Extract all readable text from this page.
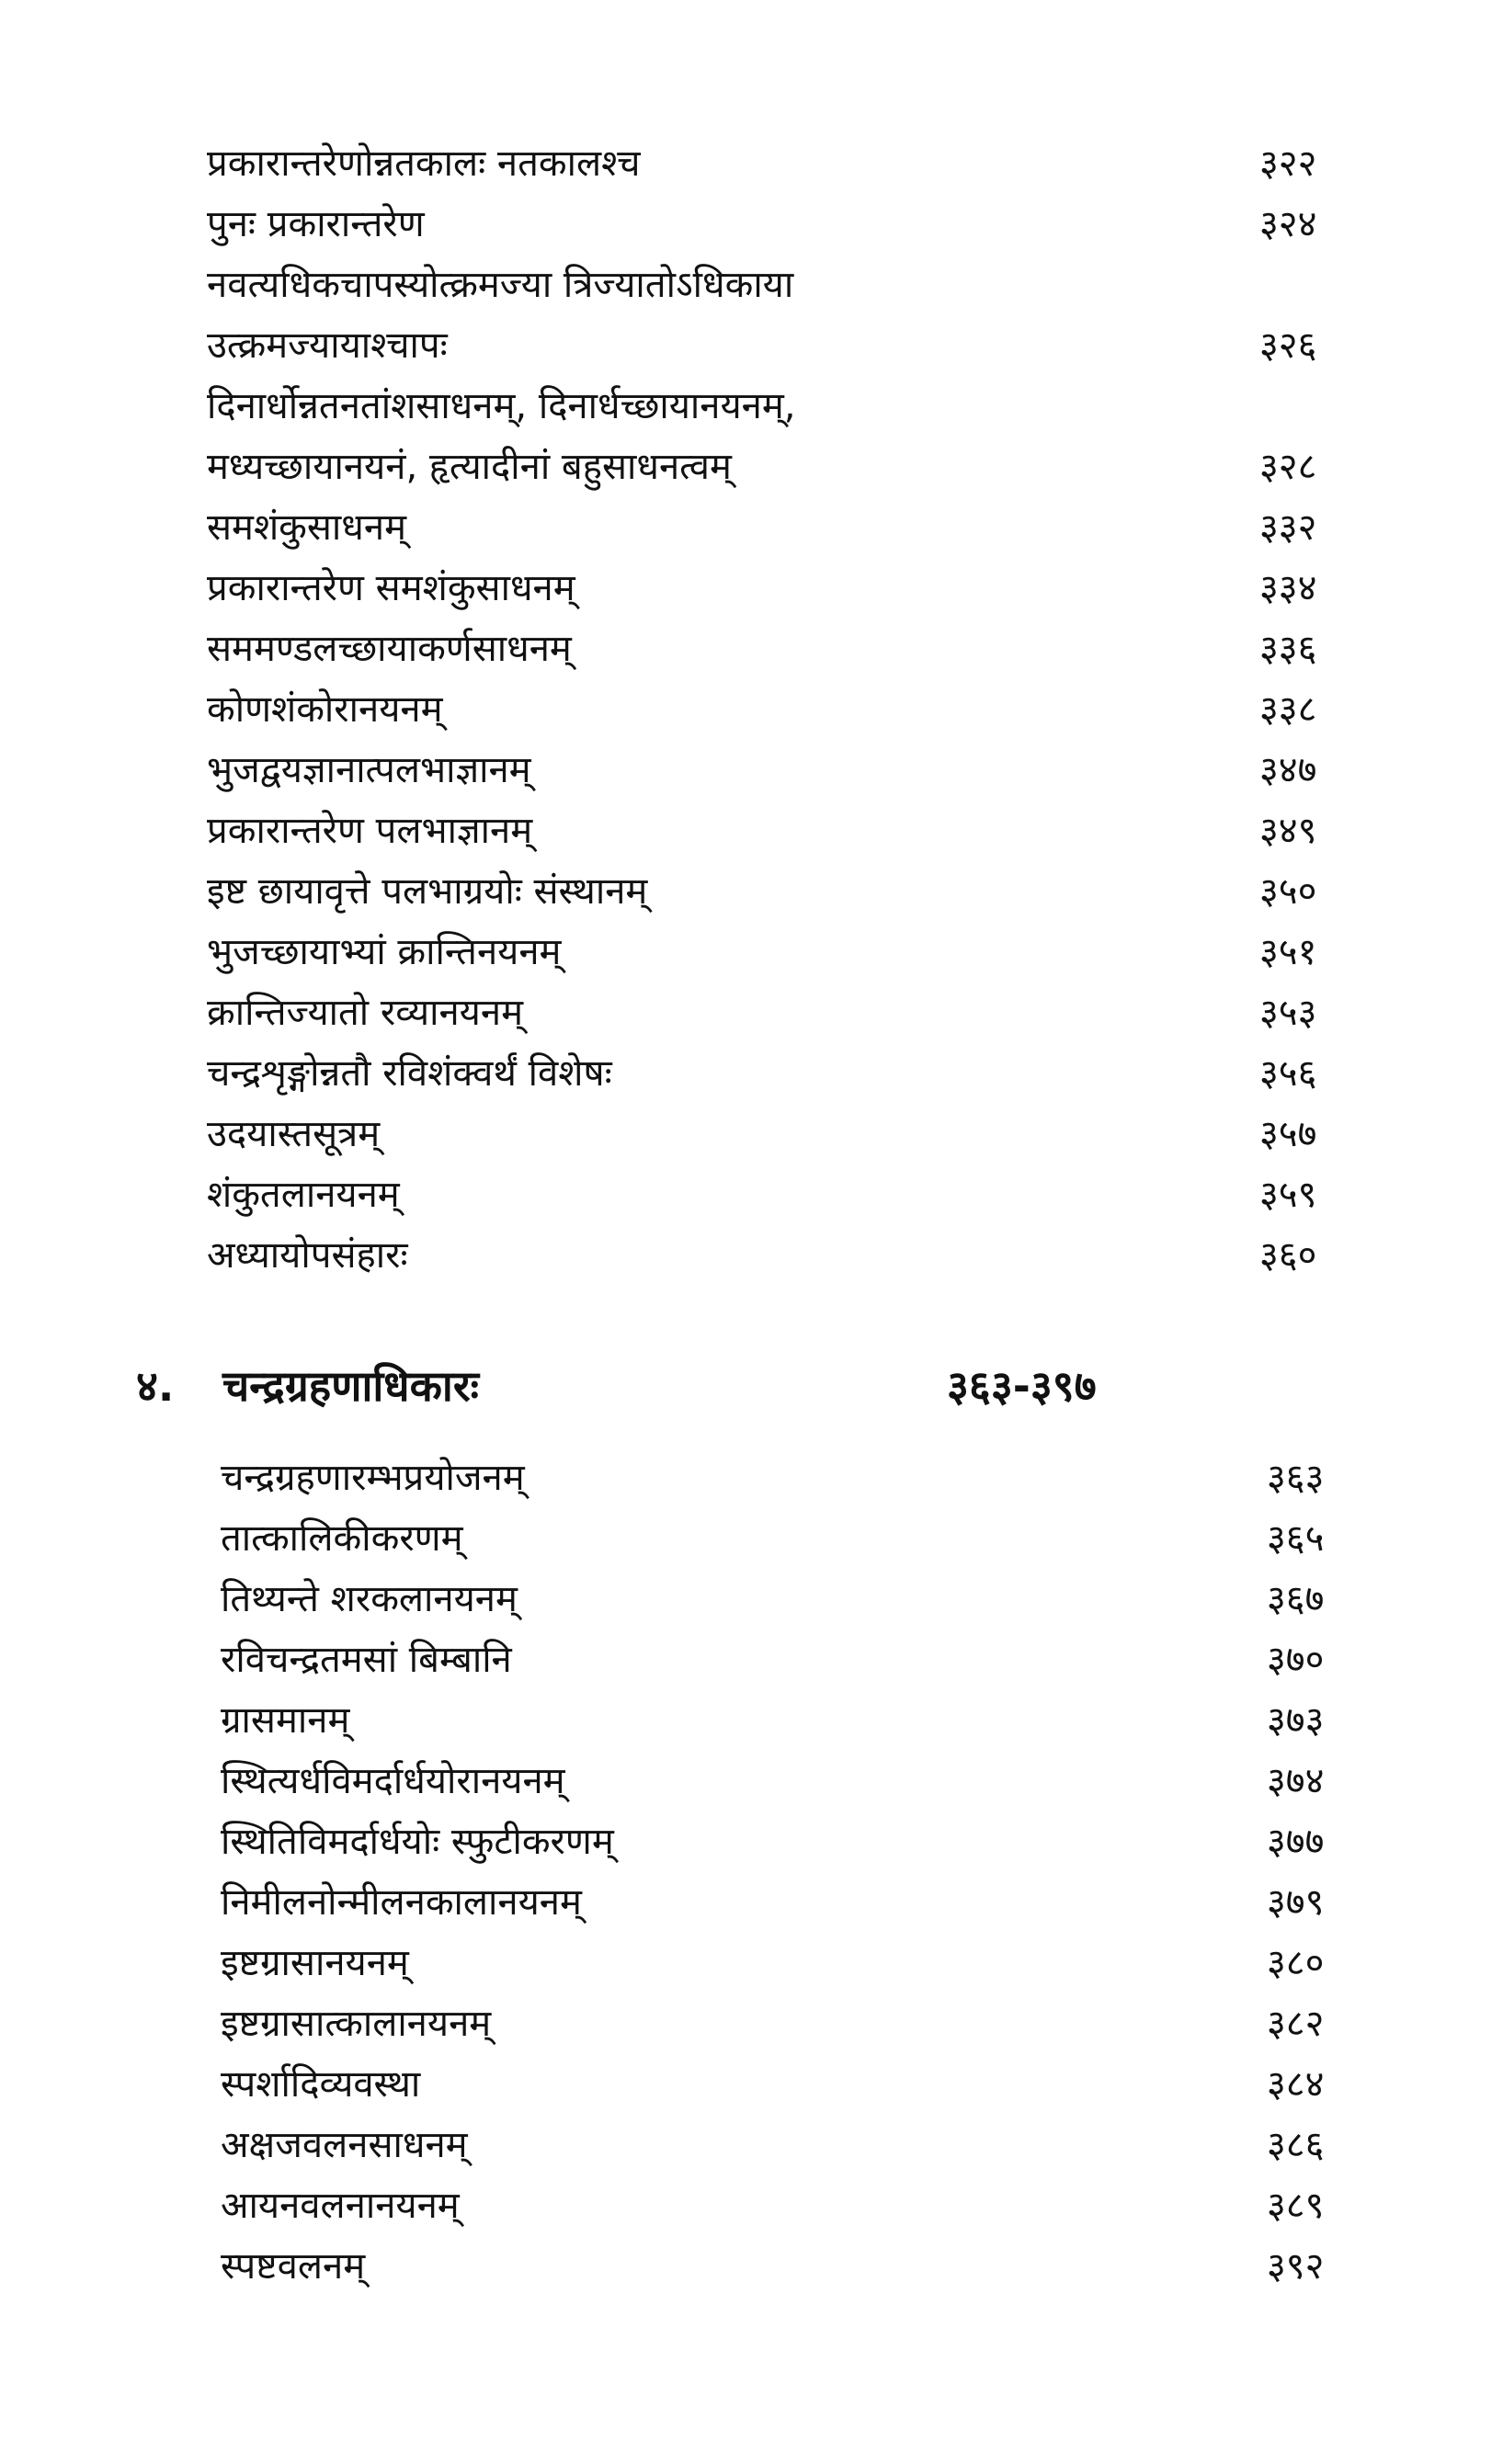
प्रकारान्तरेणोन्नतकालः नतकालश्च	३२२
पुनः प्रकारान्तरेण	३२४
नवत्यधिकचापस्योत्क्रमज्या त्रिज्यातोऽधिकाया
उत्क्रमज्यायाश्चापः	३२६
दिनार्धोन्नतनतांशसाधनम्, दिनार्धच्छायानयनम्,
मध्यच्छायानयनं, हृत्यादीनां बहुसाधनत्वम्	३२८
समशंकुसाधनम्	३३२
प्रकारान्तरेण समशंकुसाधनम्	३३४
सममण्डलच्छायाकर्णसाधनम्	३३६
कोणशंकोरानयनम्	३३८
भुजद्वयज्ञानात्पलभाज्ञानम्	३४७
प्रकारान्तरेण पलभाज्ञानम्	३४९
इष्ट छायावृत्ते पलभाग्रयोः संस्थानम्	३५०
भुजच्छायाभ्यां क्रान्तिनयनम्	३५१
क्रान्तिज्यातो रव्यानयनम्	३५३
चन्द्रशृङ्गोन्नतौ रविशंक्वर्थं विशेषः	३५६
उदयास्तसूत्रम्	३५७
शंकुतलानयनम्	३५९
अध्यायोपसंहारः	३६०
४. चन्द्रग्रहणाधिकारः	३६३-३९७
चन्द्रग्रहणारम्भप्रयोजनम्	३६३
तात्कालिकीकरणम्	३६५
तिथ्यन्ते शरकलानयनम्	३६७
रविचन्द्रतमसां बिम्बानि	३७०
ग्रासमानम्	३७३
स्थित्यर्धविमर्दार्धयोरानयनम्	३७४
स्थितिविमर्दार्धयोः स्फुटीकरणम्	३७७
निमीलनोन्मीलनकालानयनम्	३७९
इष्टग्रासानयनम्	३८०
इष्टग्रासात्कालानयनम्	३८२
स्पर्शादिव्यवस्था	३८४
अक्षजवलनसाधनम्	३८६
आयनवलनानयनम्	३८९
स्पष्टवलनम्	३९२
